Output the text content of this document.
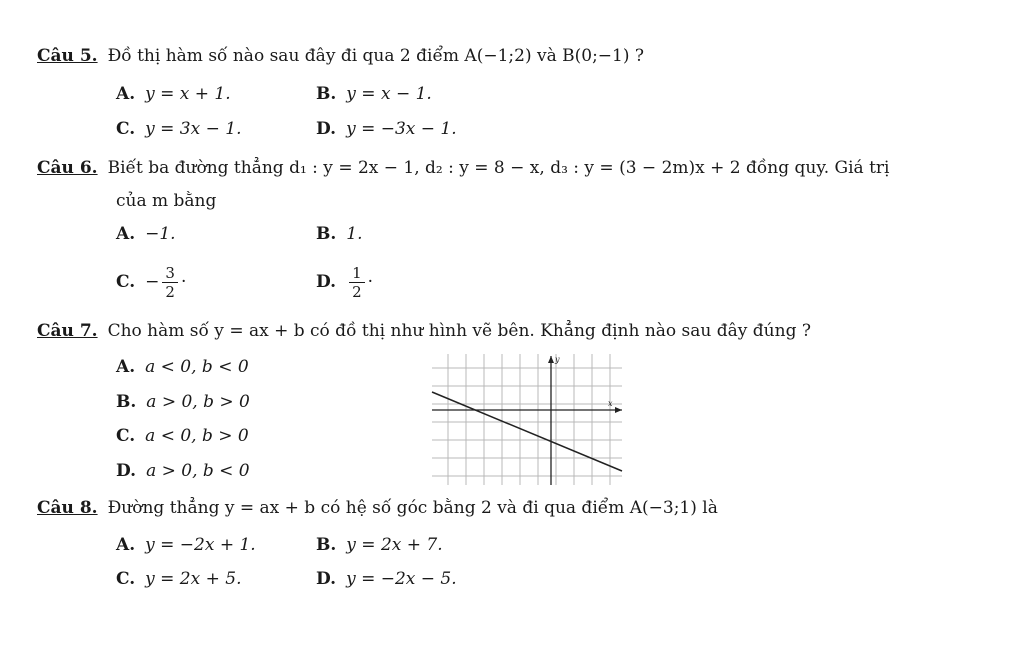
Câu 5. Đồ thị hàm số nào sau đây đi qua 2 điểm A(−1;2) và B(0;−1) ?
A. y = x + 1.	B. y = x − 1.
C. y = 3x − 1.	D. y = −3x − 1.
Câu 6. Biết ba đường thẳng d₁ : y = 2x − 1, d₂ : y = 8 − x, d₃ : y = (3 − 2m)x + 2 đồng quy. Giá trị
của m bằng
A. −1.	B. 1.
C. − $\frac{3}{2}$ ·	D. $\frac{1}{2}$ ·
Câu 7. Cho hàm số y = ax + b có đồ thị như hình vẽ bên. Khẳng định nào sau đây đúng ?
A. a < 0, b < 0
B. a > 0, b > 0
C. a < 0, b > 0
D. a > 0, b < 0
x
y
Câu 8. Đường thẳng y = ax + b có hệ số góc bằng 2 và đi qua điểm A(−3;1) là
A. y = −2x + 1.	B. y = 2x + 7.
C. y = 2x + 5.	D. y = −2x − 5.
